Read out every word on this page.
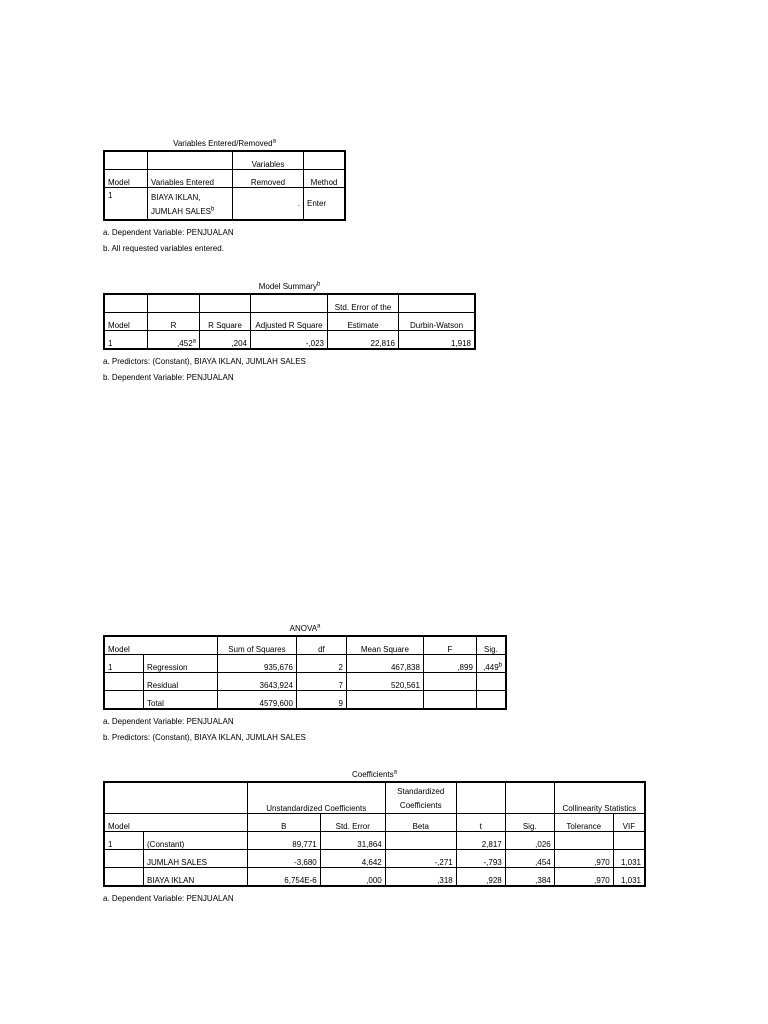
Variables Entered/Removed$^a$
		Variables	
Model	Variables Entered	Removed	Method
1	BIAYA IKLAN,
JUMLAH SALES$^b$	.	Enter
a. Dependent Variable: PENJUALAN
b. All requested variables entered.
Model Summary$^b$
				Std. Error of the	
Model	R	R Square	Adjusted R Square	Estimate	Durbin-Watson
1	,452$^a$	,204	-,023	22,816	1,918
a. Predictors: (Constant), BIAYA IKLAN, JUMLAH SALES
b. Dependent Variable: PENJUALAN
ANOVA$^a$
Model		Sum of Squares	df	Mean Square	F	Sig.
1	Regression	935,676	2	467,838	,899	,449$^b$
	Residual	3643,924	7	520,561		
	Total	4579,600	9			
a. Dependent Variable: PENJUALAN
b. Predictors: (Constant), BIAYA IKLAN, JUMLAH SALES
Coefficients$^a$
		Unstandardized Coefficients		Standardized
Coefficients			Collinearity Statistics	

Model		B	Std. Error	Beta	t	Sig.	Tolerance	VIF
1	(Constant)	89,771	31,864		2,817	,026		
	JUMLAH SALES	-3,680	4,642	-,271	-,793	,454	,970	1,031
	BIAYA IKLAN	6,754E-6	,000	,318	,928	,384	,970	1,031
a. Dependent Variable: PENJUALAN
